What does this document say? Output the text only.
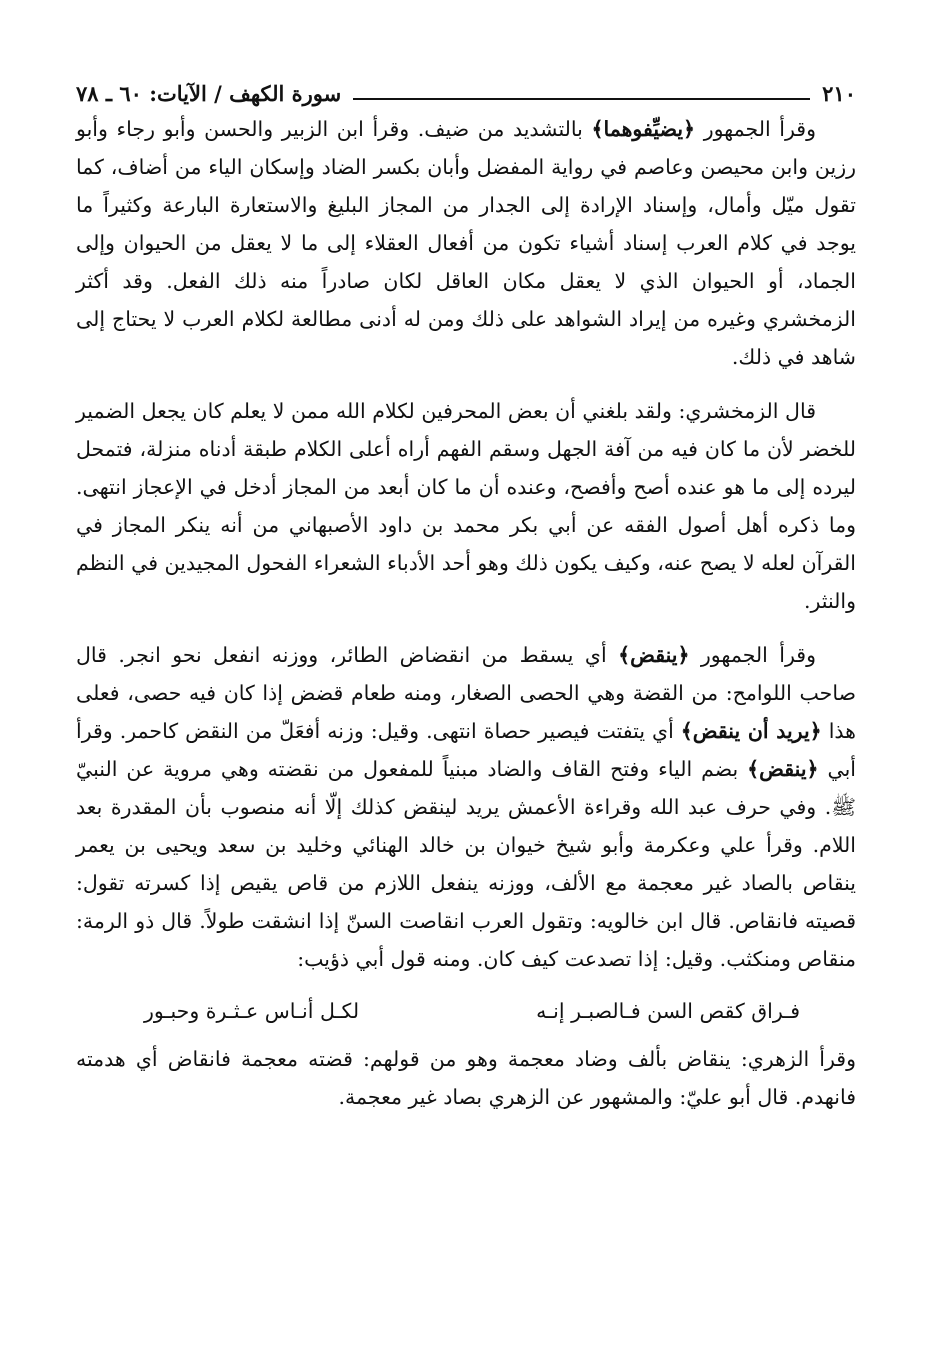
٢١٠
سورة الكهف / الآيات: ٦٠ ـ ٧٨

وقرأ الجمهور ﴿يضيِّفوهما﴾ بالتشديد من ضيف. وقرأ ابن الزبير والحسن وأبو رجاء وأبو رزين وابن محيصن وعاصم في رواية المفضل وأبان بكسر الضاد وإسكان الياء من أضاف، كما تقول ميّل وأمال، وإسناد الإرادة إلى الجدار من المجاز البليغ والاستعارة البارعة وكثيراً ما يوجد في كلام العرب إسناد أشياء تكون من أفعال العقلاء إلى ما لا يعقل من الحيوان وإلى الجماد، أو الحيوان الذي لا يعقل مكان العاقل لكان صادراً منه ذلك الفعل. وقد أكثر الزمخشري وغيره من إيراد الشواهد على ذلك ومن له أدنى مطالعة لكلام العرب لا يحتاج إلى شاهد في ذلك.

قال الزمخشري: ولقد بلغني أن بعض المحرفين لكلام الله ممن لا يعلم كان يجعل الضمير للخضر لأن ما كان فيه من آفة الجهل وسقم الفهم أراه أعلى الكلام طبقة أدناه منزلة، فتمحل ليرده إلى ما هو عنده أصح وأفصح، وعنده أن ما كان أبعد من المجاز أدخل في الإعجاز انتهى. وما ذكره أهل أصول الفقه عن أبي بكر محمد بن داود الأصبهاني من أنه ينكر المجاز في القرآن لعله لا يصح عنه، وكيف يكون ذلك وهو أحد الأدباء الشعراء الفحول المجيدين في النظم والنثر.

وقرأ الجمهور ﴿ينقض﴾ أي يسقط من انقضاض الطائر، ووزنه انفعل نحو انجر. قال صاحب اللوامح: من القضة وهي الحصى الصغار، ومنه طعام قضض إذا كان فيه حصى، فعلى هذا ﴿يريد أن ينقض﴾ أي يتفتت فيصير حصاة انتهى. وقيل: وزنه أفعَلّ من النقض كاحمر. وقرأ أبي ﴿ينقض﴾ بضم الياء وفتح القاف والضاد مبنياً للمفعول من نقضته وهي مروية عن النبيّ ﷺ. وفي حرف عبد الله وقراءة الأعمش يريد لينقض كذلك إلّا أنه منصوب بأن المقدرة بعد اللام. وقرأ علي وعكرمة وأبو شيخ خيوان بن خالد الهنائي وخليد بن سعد ويحيى بن يعمر ينقاص بالصاد غير معجمة مع الألف، ووزنه ينفعل اللازم من قاص يقيص إذا كسرته تقول: قصيته فانقاص. قال ابن خالويه: وتقول العرب انقاصت السنّ إذا انشقت طولاً. قال ذو الرمة: منقاص ومنكثب. وقيل: إذا تصدعت كيف كان. ومنه قول أبي ذؤيب:

فـراق كقص السن فـالصبـر إنـه
لكـل أنـاس عـثـرة وحبـور

وقرأ الزهري: ينقاض بألف وضاد معجمة وهو من قولهم: قضته معجمة فانقاض أي هدمته فانهدم. قال أبو عليّ: والمشهور عن الزهري بصاد غير معجمة.
